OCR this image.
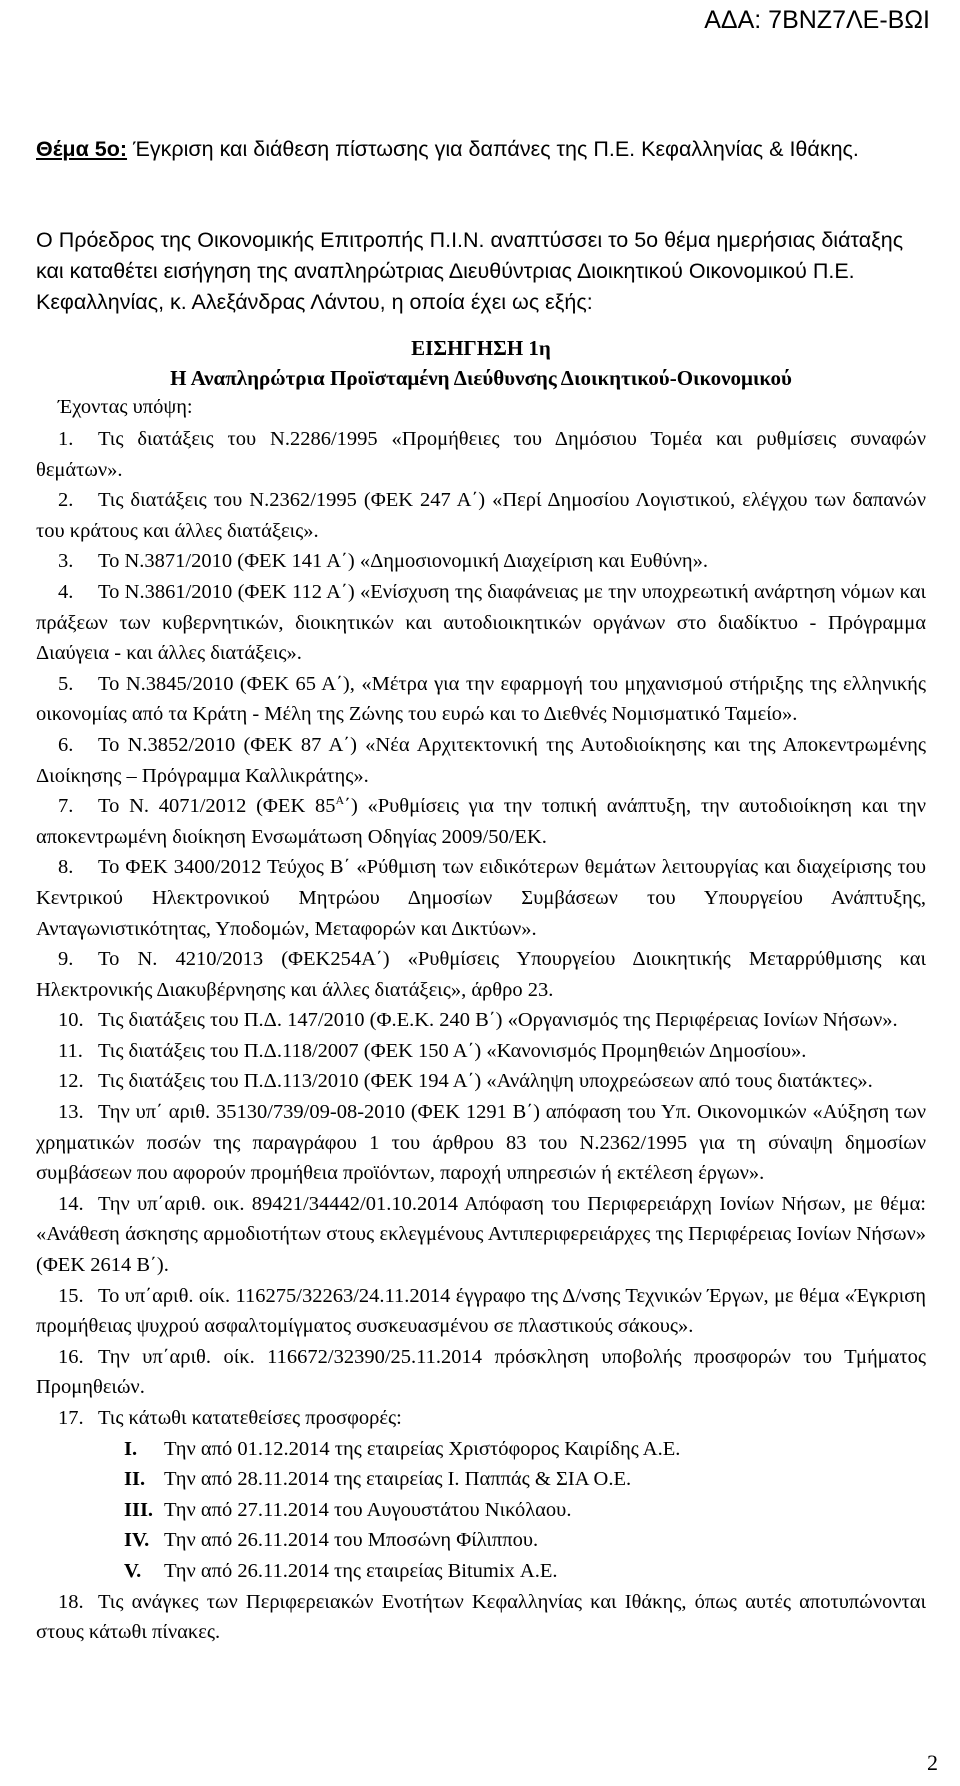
ΑΔΑ: 7ΒΝΖ7ΛΕ-ΒΩΙ
Θέμα 5ο: Έγκριση και διάθεση πίστωσης για δαπάνες της Π.Ε. Κεφαλληνίας & Ιθάκης.
Ο Πρόεδρος της Οικονομικής Επιτροπής Π.Ι.Ν. αναπτύσσει το 5ο θέμα ημερήσιας διάταξης και καταθέτει εισήγηση της αναπληρώτριας Διευθύντριας Διοικητικού Οικονομικού Π.Ε. Κεφαλληνίας, κ. Αλεξάνδρας Λάντου, η οποία έχει ως εξής:
ΕΙΣΗΓΗΣΗ 1η
Η Αναπληρώτρια Προϊσταμένη Διεύθυνσης Διοικητικού-Οικονομικού
Έχοντας υπόψη:

1. Τις διατάξεις του Ν.2286/1995 «Προμήθειες του Δημόσιου Τομέα και ρυθμίσεις συναφών θεμάτων».

2. Τις διατάξεις του Ν.2362/1995 (ΦΕΚ 247 Α΄) «Περί Δημοσίου Λογιστικού, ελέγχου των δαπανών του κράτους και άλλες διατάξεις».

3. Το Ν.3871/2010 (ΦΕΚ 141 Α΄) «Δημοσιονομική Διαχείριση και Ευθύνη».

4. Το Ν.3861/2010 (ΦΕΚ 112 Α΄) «Ενίσχυση της διαφάνειας με την υποχρεωτική ανάρτηση νόμων και πράξεων των κυβερνητικών, διοικητικών και αυτοδιοικητικών οργάνων στο διαδίκτυο - Πρόγραμμα Διαύγεια - και άλλες διατάξεις».

5. Το Ν.3845/2010 (ΦΕΚ 65 Α΄), «Μέτρα για την εφαρμογή του μηχανισμού στήριξης της ελληνικής οικονομίας από τα Κράτη - Μέλη της Ζώνης του ευρώ και το Διεθνές Νομισματικό Ταμείο».

6. Το Ν.3852/2010 (ΦΕΚ 87 Α΄) «Νέα Αρχιτεκτονική της Αυτοδιοίκησης και της Αποκεντρωμένης Διοίκησης – Πρόγραμμα Καλλικράτης».

7. Το Ν. 4071/2012 (ΦΕΚ $85^A΄$) «Ρυθμίσεις για την τοπική ανάπτυξη, την αυτοδιοίκηση και την αποκεντρωμένη διοίκηση Ενσωμάτωση Οδηγίας 2009/50/ΕΚ.

8. Το ΦΕΚ 3400/2012 Τεύχος Β΄ «Ρύθμιση των ειδικότερων θεμάτων λειτουργίας και διαχείρισης του Κεντρικού Ηλεκτρονικού Μητρώου Δημοσίων Συμβάσεων του Υπουργείου Ανάπτυξης, Ανταγωνιστικότητας, Υποδομών, Μεταφορών και Δικτύων».

9. Το Ν. 4210/2013 (ΦΕΚ254Α΄) «Ρυθμίσεις Υπουργείου Διοικητικής Μεταρρύθμισης και Ηλεκτρονικής Διακυβέρνησης και άλλες διατάξεις», άρθρο 23.

10. Τις διατάξεις του Π.Δ. 147/2010 (Φ.Ε.Κ. 240 Β΄) «Οργανισμός της Περιφέρειας Ιονίων Νήσων».

11. Τις διατάξεις του Π.Δ.118/2007 (ΦΕΚ 150 Α΄) «Κανονισμός Προμηθειών Δημοσίου».

12. Τις διατάξεις του Π.Δ.113/2010 (ΦΕΚ 194 Α΄) «Ανάληψη υποχρεώσεων από τους διατάκτες».

13. Την υπ΄ αριθ. 35130/739/09-08-2010 (ΦΕΚ 1291 Β΄) απόφαση του Υπ. Οικονομικών «Αύξηση των χρηματικών ποσών της παραγράφου 1 του άρθρου 83 του Ν.2362/1995 για τη σύναψη δημοσίων συμβάσεων που αφορούν προμήθεια προϊόντων, παροχή υπηρεσιών ή εκτέλεση έργων».

14. Την υπ΄αριθ. οικ. 89421/34442/01.10.2014 Απόφαση του Περιφερειάρχη Ιονίων Νήσων, με θέμα: «Ανάθεση άσκησης αρμοδιοτήτων στους εκλεγμένους Αντιπεριφερειάρχες της Περιφέρειας Ιονίων Νήσων» (ΦΕΚ 2614 Β΄).

15. Το υπ΄αριθ. οίκ. 116275/32263/24.11.2014 έγγραφο της Δ/νσης Τεχνικών Έργων, με θέμα «Έγκριση προμήθειας ψυχρού ασφαλτομίγματος συσκευασμένου σε πλαστικούς σάκους».

16. Την υπ΄αριθ. οίκ. 116672/32390/25.11.2014 πρόσκληση υποβολής προσφορών του Τμήματος Προμηθειών.

17. Τις κάτωθι κατατεθείσες προσφορές:

I. Την από 01.12.2014 της εταιρείας Χριστόφορος Καιρίδης Α.Ε.

II. Την από 28.11.2014 της εταιρείας Ι. Παππάς & ΣΙΑ Ο.Ε.

III. Την από 27.11.2014 του Αυγουστάτου Νικόλαου.

IV. Την από 26.11.2014 του Μποσώνη Φίλιππου.

V. Την από 26.11.2014 της εταιρείας Bitumix Α.Ε.

18. Τις ανάγκες των Περιφερειακών Ενοτήτων Κεφαλληνίας και Ιθάκης, όπως αυτές αποτυπώνονται στους κάτωθι πίνακες.

2
